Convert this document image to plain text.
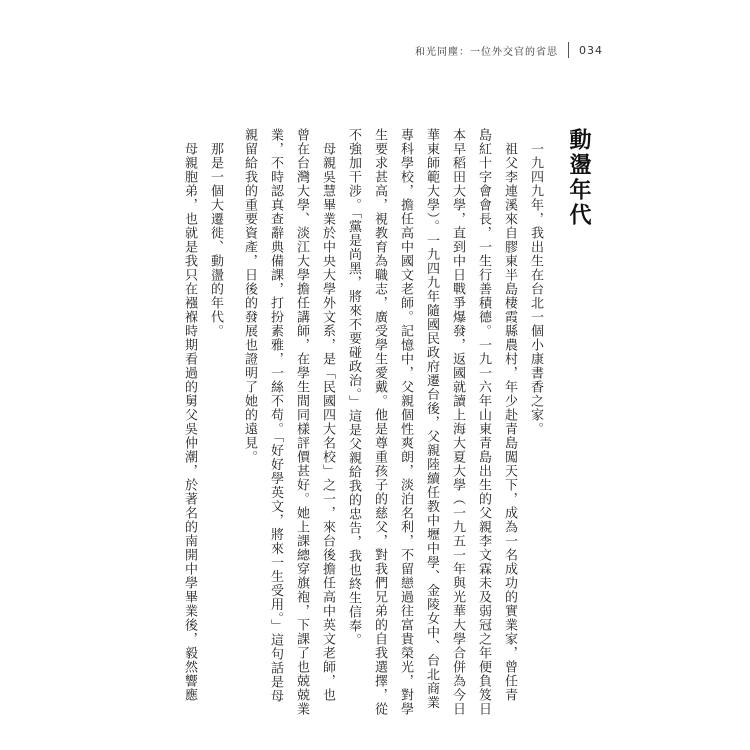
和光同塵：一位外交官的省思 034
動盪年代
　一九四九年，我出生在台北一個小康書香之家。
　祖父李連溪來自膠東半島棲霞縣農村，年少赴青島闖天下，成為一名成功的實業家，曾任青
島紅十字會會長，一生行善積德。一九一六年山東青島出生的父親李文霖未及弱冠之年便負笈日
本早稻田大學，直到中日戰爭爆發，返國就讀上海大夏大學（一九五一年與光華大學合併為今日
華東師範大學）。一九四九年隨國民政府遷台後，父親陸續任教中壢中學、金陵女中、台北商業
專科學校，擔任高中國文老師。記憶中，父親個性爽朗，淡泊名利，不留戀過往富貴榮光，對學
生要求甚高，視教育為職志，廣受學生愛戴。他是尊重孩子的慈父，對我們兄弟的自我選擇，從
不強加干涉。「黨是尚黑，將來不要碰政治。」這是父親給我的忠告，我也終生信奉。
　母親吳慧畢業於中央大學外文系，是「民國四大名校」之一，來台後擔任高中英文老師，也
曾在台灣大學、淡江大學擔任講師，在學生間同樣評價甚好。她上課總穿旗袍，下課了也兢兢業
業，不時認真查辭典備課，打扮素雅，一絲不苟。「好好學英文，將來一生受用。」這句話是母
親留給我的重要資產，日後的發展也證明了她的遠見。
　那是一個大遷徙、動盪的年代。
　母親胞弟，也就是我只在襁褓時期看過的舅父吳仲潮，於著名的南開中學畢業後，毅然響應
